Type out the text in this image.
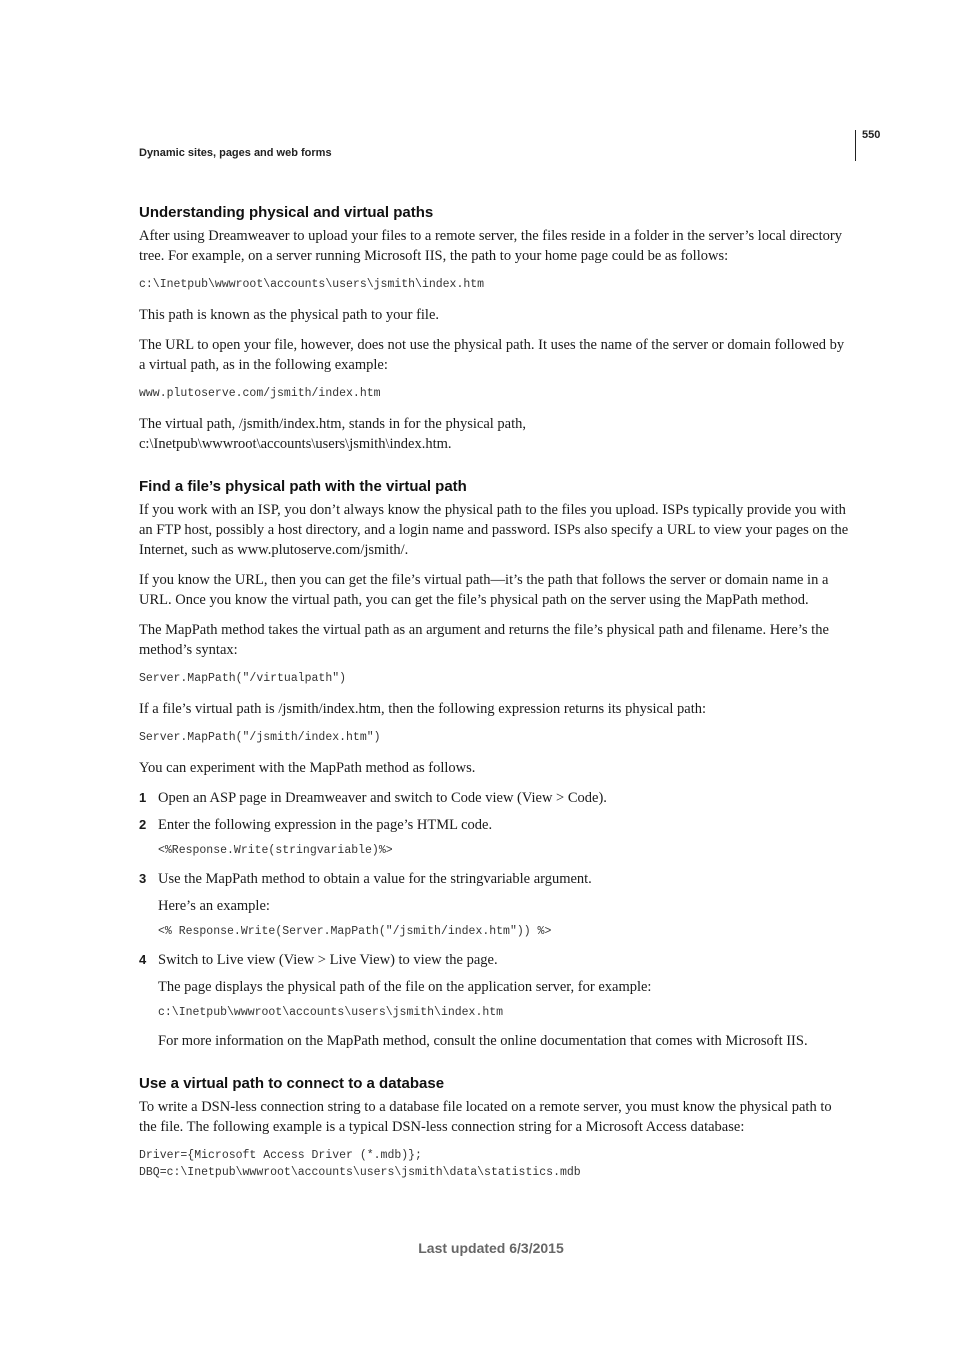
550
Dynamic sites, pages and web forms
Understanding physical and virtual paths

After using Dreamweaver to upload your files to a remote server, the files reside in a folder in the server’s local directory tree. For example, on a server running Microsoft IIS, the path to your home page could be as follows:

c:\Inetpub\wwwroot\accounts\users\jsmith\index.htm

This path is known as the physical path to your file.

The URL to open your file, however, does not use the physical path. It uses the name of the server or domain followed by a virtual path, as in the following example:

www.plutoserve.com/jsmith/index.htm

The virtual path, /jsmith/index.htm, stands in for the physical path,
c:\Inetpub\wwwroot\accounts\users\jsmith\index.htm.

Find a file’s physical path with the virtual path

If you work with an ISP, you don’t always know the physical path to the files you upload. ISPs typically provide you with an FTP host, possibly a host directory, and a login name and password. ISPs also specify a URL to view your pages on the Internet, such as www.plutoserve.com/jsmith/.

If you know the URL, then you can get the file’s virtual path—it’s the path that follows the server or domain name in a URL. Once you know the virtual path, you can get the file’s physical path on the server using the MapPath method.

The MapPath method takes the virtual path as an argument and returns the file’s physical path and filename. Here’s the method’s syntax:

Server.MapPath("/virtualpath")

If a file’s virtual path is /jsmith/index.htm, then the following expression returns its physical path:

Server.MapPath("/jsmith/index.htm")

You can experiment with the MapPath method as follows.

1 Open an ASP page in Dreamweaver and switch to Code view (View > Code).

2 Enter the following expression in the page’s HTML code.

<%Response.Write(stringvariable)%>
3 Use the MapPath method to obtain a value for the stringvariable argument.

Here’s an example:

<% Response.Write(Server.MapPath("/jsmith/index.htm")) %>
4 Switch to Live view (View > Live View) to view the page.

The page displays the physical path of the file on the application server, for example:

c:\Inetpub\wwwroot\accounts\users\jsmith\index.htm

For more information on the MapPath method, consult the online documentation that comes with Microsoft IIS.

Use a virtual path to connect to a database

To write a DSN-less connection string to a database file located on a remote server, you must know the physical path to the file. The following example is a typical DSN-less connection string for a Microsoft Access database:

Driver={Microsoft Access Driver (*.mdb)};
DBQ=c:\Inetpub\wwwroot\accounts\users\jsmith\data\statistics.mdb
Last updated 6/3/2015
